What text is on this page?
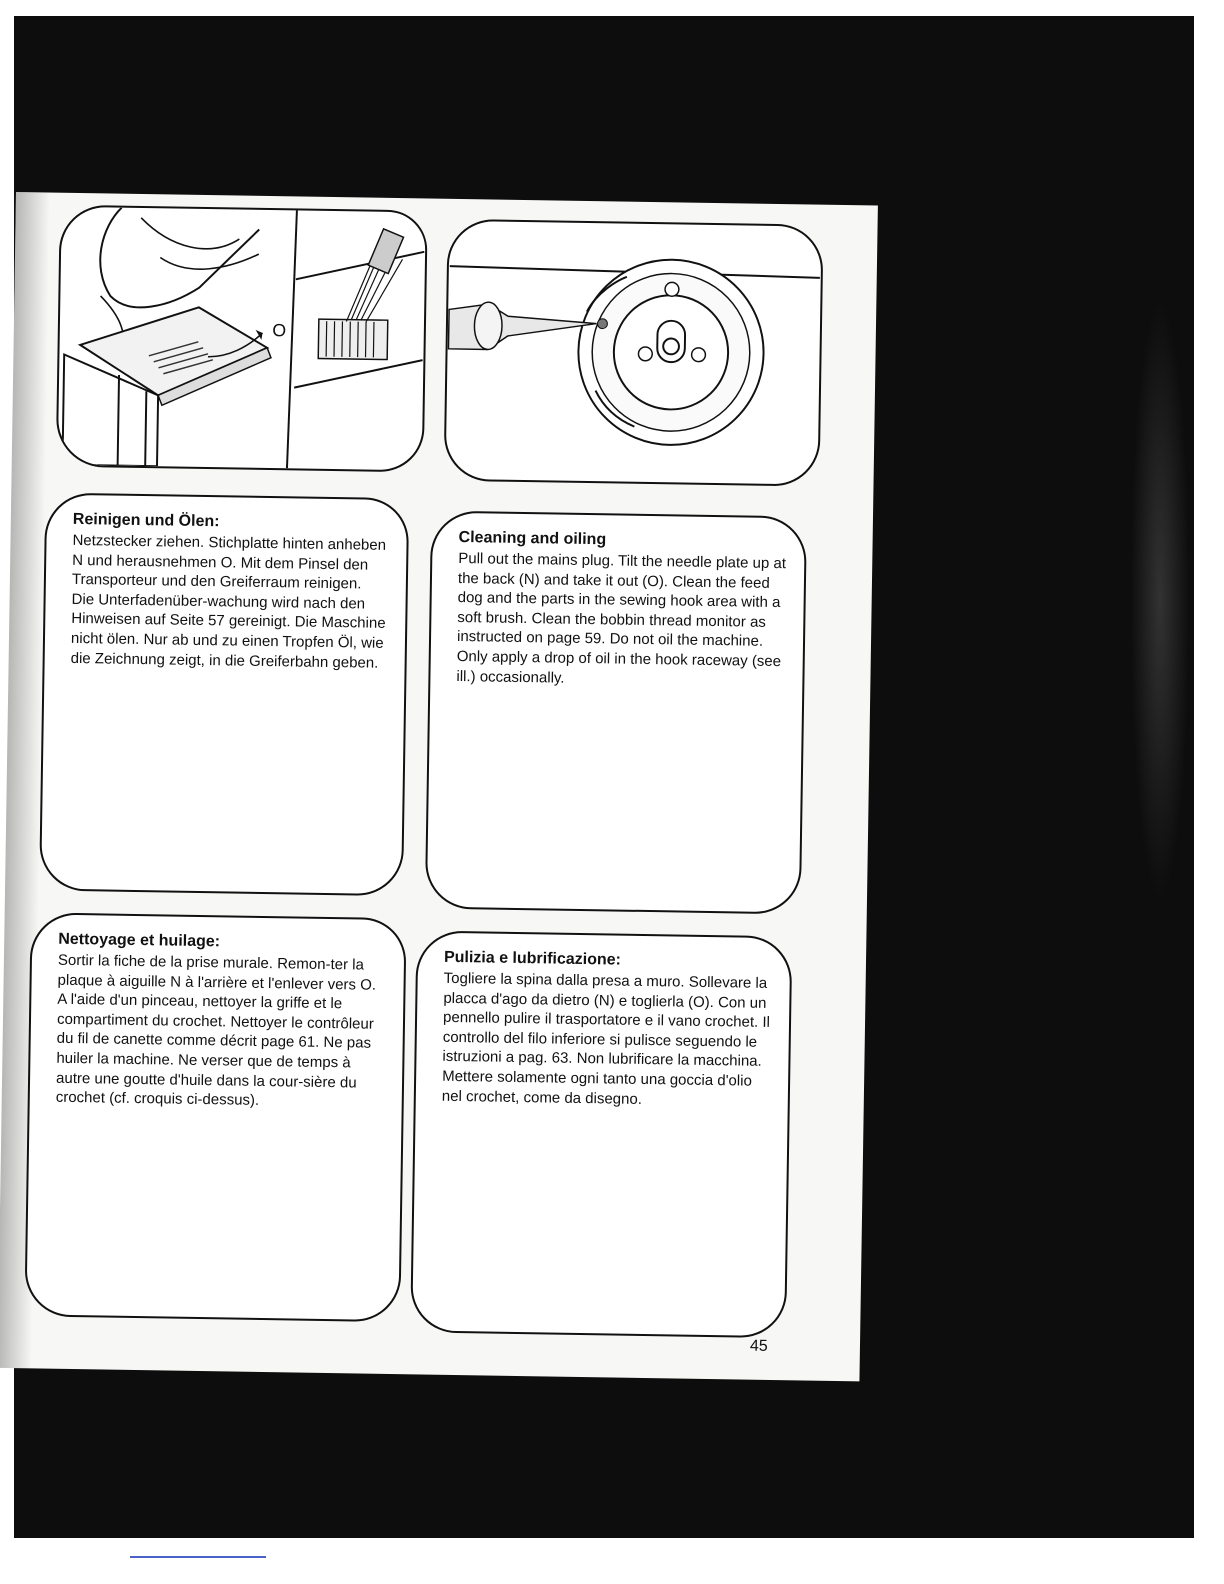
O
Reinigen und Ölen:

Netzstecker ziehen. Stichplatte hinten anheben N und herausnehmen O. Mit dem Pinsel den Transporteur und den Greiferraum reinigen. Die Unterfadenüber-wachung wird nach den Hinweisen auf Seite 57 gereinigt. Die Maschine nicht ölen. Nur ab und zu einen Tropfen Öl, wie die Zeichnung zeigt, in die Greiferbahn geben.

Cleaning and oiling

Pull out the mains plug. Tilt the needle plate up at the back (N) and take it out (O). Clean the feed dog and the parts in the sewing hook area with a soft brush. Clean the bobbin thread monitor as instructed on page 59. Do not oil the machine. Only apply a drop of oil in the hook raceway (see ill.) occasionally.

Nettoyage et huilage:

Sortir la fiche de la prise murale. Remon-ter la plaque à aiguille N à l'arrière et l'enlever vers O. A l'aide d'un pinceau, nettoyer la griffe et le compartiment du crochet. Nettoyer le contrôleur du fil de canette comme décrit page 61. Ne pas huiler la machine. Ne verser que de temps à autre une goutte d'huile dans la cour-sière du crochet (cf. croquis ci-dessus).

Pulizia e lubrificazione:

Togliere la spina dalla presa a muro. Sollevare la placca d'ago da dietro (N) e toglierla (O). Con un pennello pulire il trasportatore e il vano crochet. Il controllo del filo inferiore si pulisce seguendo le istruzioni a pag. 63. Non lubrificare la macchina. Mettere solamente ogni tanto una goccia d'olio nel crochet, come da disegno.

45
